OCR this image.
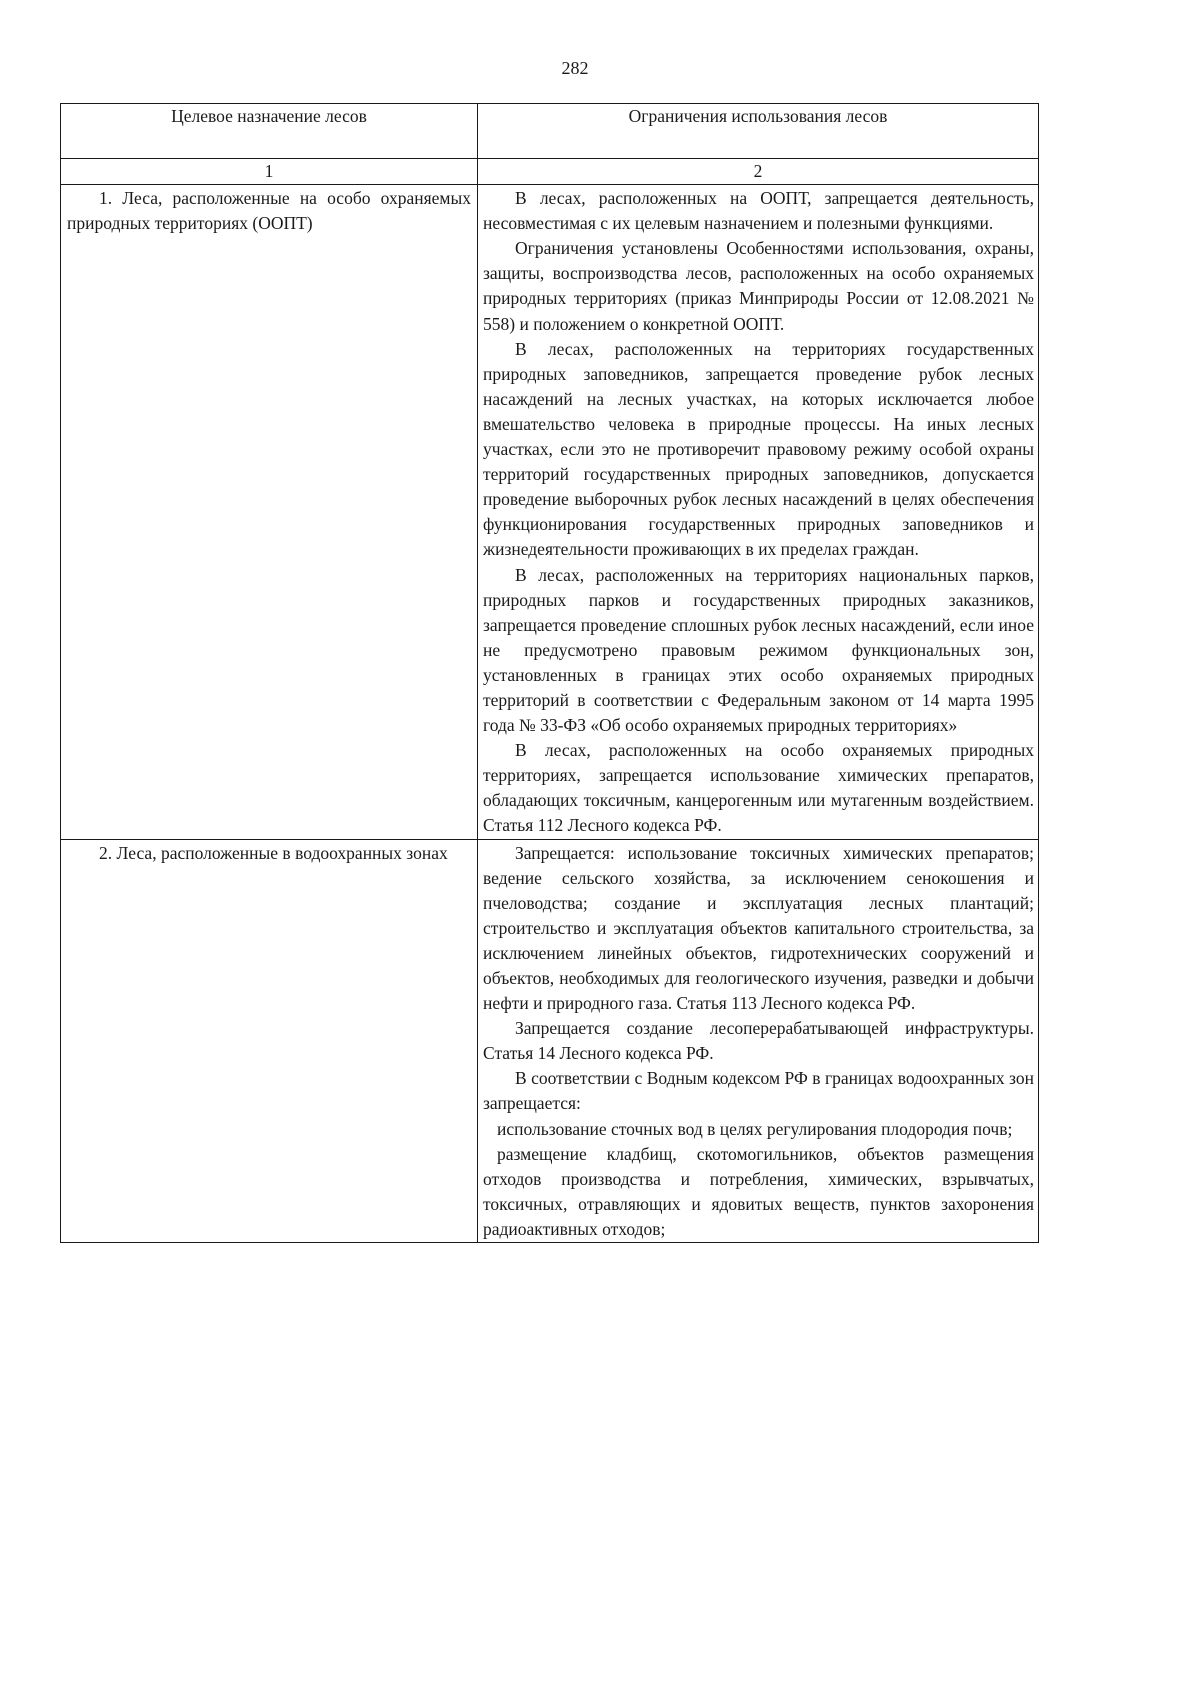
282
Целевое назначение лесов	Ограничения использования лесов
1	2

1. Леса, расположенные на особо охраняемых природных территориях (ООПТ)	В лесах, расположенных на ООПТ, запрещается деятельность, несовместимая с их целевым назначением и полезными функциями.

Ограничения установлены Особенностями использования, охраны, защиты, воспроизводства лесов, расположенных на особо охраняемых природных территориях (приказ Минприроды России от 12.08.2021 № 558) и положением о конкретной ООПТ.

В лесах, расположенных на территориях государственных природных заповедников, запрещается проведение рубок лесных насаждений на лесных участках, на которых исключается любое вмешательство человека в природные процессы. На иных лесных участках, если это не противоречит правовому режиму особой охраны территорий государственных природных заповедников, допускается проведение выборочных рубок лесных насаждений в целях обеспечения функционирования государственных природных заповедников и жизнедеятельности проживающих в их пределах граждан.

В лесах, расположенных на территориях национальных парков, природных парков и государственных природных заказников, запрещается проведение сплошных рубок лесных насаждений, если иное не предусмотрено правовым режимом функциональных зон, установленных в границах этих особо охраняемых природных территорий в соответствии с Федеральным законом от 14 марта 1995 года № 33-ФЗ «Об особо охраняемых природных территориях»

В лесах, расположенных на особо охраняемых природных территориях, запрещается использование химических препаратов, обладающих токсичным, канцерогенным или мутагенным воздействием. Статья 112 Лесного кодекса РФ.

2. Леса, расположенные в водоохранных зонах	Запрещается: использование токсичных химических препаратов; ведение сельского хозяйства, за исключением сенокошения и пчеловодства; создание и эксплуатация лесных плантаций; строительство и эксплуатация объектов капитального строительства, за исключением линейных объектов, гидротехнических сооружений и объектов, необходимых для геологического изучения, разведки и добычи нефти и природного газа. Статья 113 Лесного кодекса РФ.

Запрещается создание лесоперерабатывающей инфраструктуры. Статья 14 Лесного кодекса РФ.

В соответствии с Водным кодексом РФ в границах водоохранных зон запрещается:

использование сточных вод в целях регулирования плодородия почв;

размещение кладбищ, скотомогильников, объектов размещения отходов производства и потребления, химических, взрывчатых, токсичных, отравляющих и ядовитых веществ, пунктов захоронения радиоактивных отходов;
